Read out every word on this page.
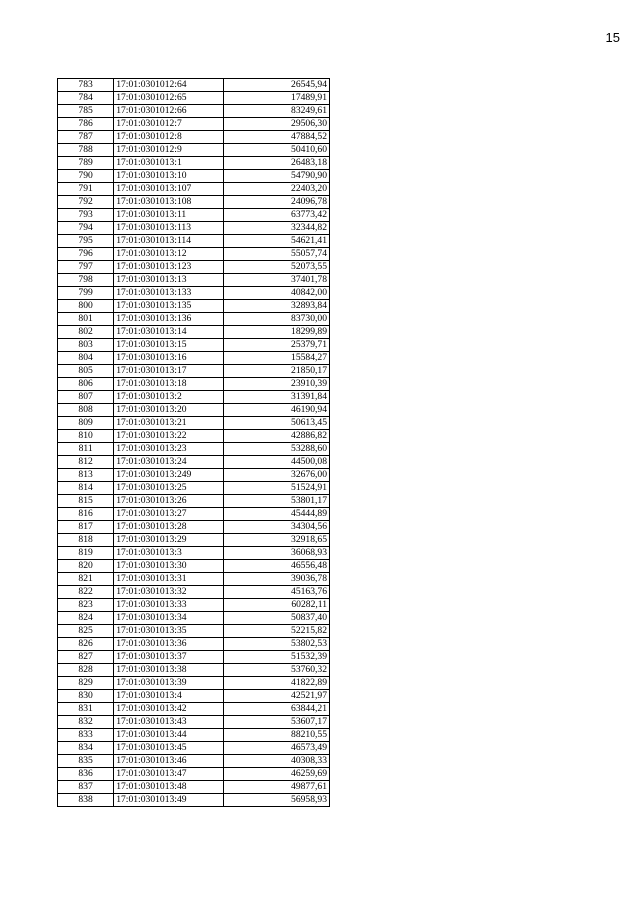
15
783	17:01:0301012:64	26545,94
784	17:01:0301012:65	17489,91
785	17:01:0301012:66	83249,61
786	17:01:0301012:7	29506,30
787	17:01:0301012:8	47884,52
788	17:01:0301012:9	50410,60
789	17:01:0301013:1	26483,18
790	17:01:0301013:10	54790,90
791	17:01:0301013:107	22403,20
792	17:01:0301013:108	24096,78
793	17:01:0301013:11	63773,42
794	17:01:0301013:113	32344,82
795	17:01:0301013:114	54621,41
796	17:01:0301013:12	55057,74
797	17:01:0301013:123	52073,55
798	17:01:0301013:13	37401,78
799	17:01:0301013:133	40842,00
800	17:01:0301013:135	32893,84
801	17:01:0301013:136	83730,00
802	17:01:0301013:14	18299,89
803	17:01:0301013:15	25379,71
804	17:01:0301013:16	15584,27
805	17:01:0301013:17	21850,17
806	17:01:0301013:18	23910,39
807	17:01:0301013:2	31391,84
808	17:01:0301013:20	46190,94
809	17:01:0301013:21	50613,45
810	17:01:0301013:22	42886,82
811	17:01:0301013:23	53288,60
812	17:01:0301013:24	44500,08
813	17:01:0301013:249	32676,00
814	17:01:0301013:25	51524,91
815	17:01:0301013:26	53801,17
816	17:01:0301013:27	45444,89
817	17:01:0301013:28	34304,56
818	17:01:0301013:29	32918,65
819	17:01:0301013:3	36068,93
820	17:01:0301013:30	46556,48
821	17:01:0301013:31	39036,78
822	17:01:0301013:32	45163,76
823	17:01:0301013:33	60282,11
824	17:01:0301013:34	50837,40
825	17:01:0301013:35	52215,82
826	17:01:0301013:36	53802,53
827	17:01:0301013:37	51532,39
828	17:01:0301013:38	53760,32
829	17:01:0301013:39	41822,89
830	17:01:0301013:4	42521,97
831	17:01:0301013:42	63844,21
832	17:01:0301013:43	53607,17
833	17:01:0301013:44	88210,55
834	17:01:0301013:45	46573,49
835	17:01:0301013:46	40308,33
836	17:01:0301013:47	46259,69
837	17:01:0301013:48	49877,61
838	17:01:0301013:49	56958,93
